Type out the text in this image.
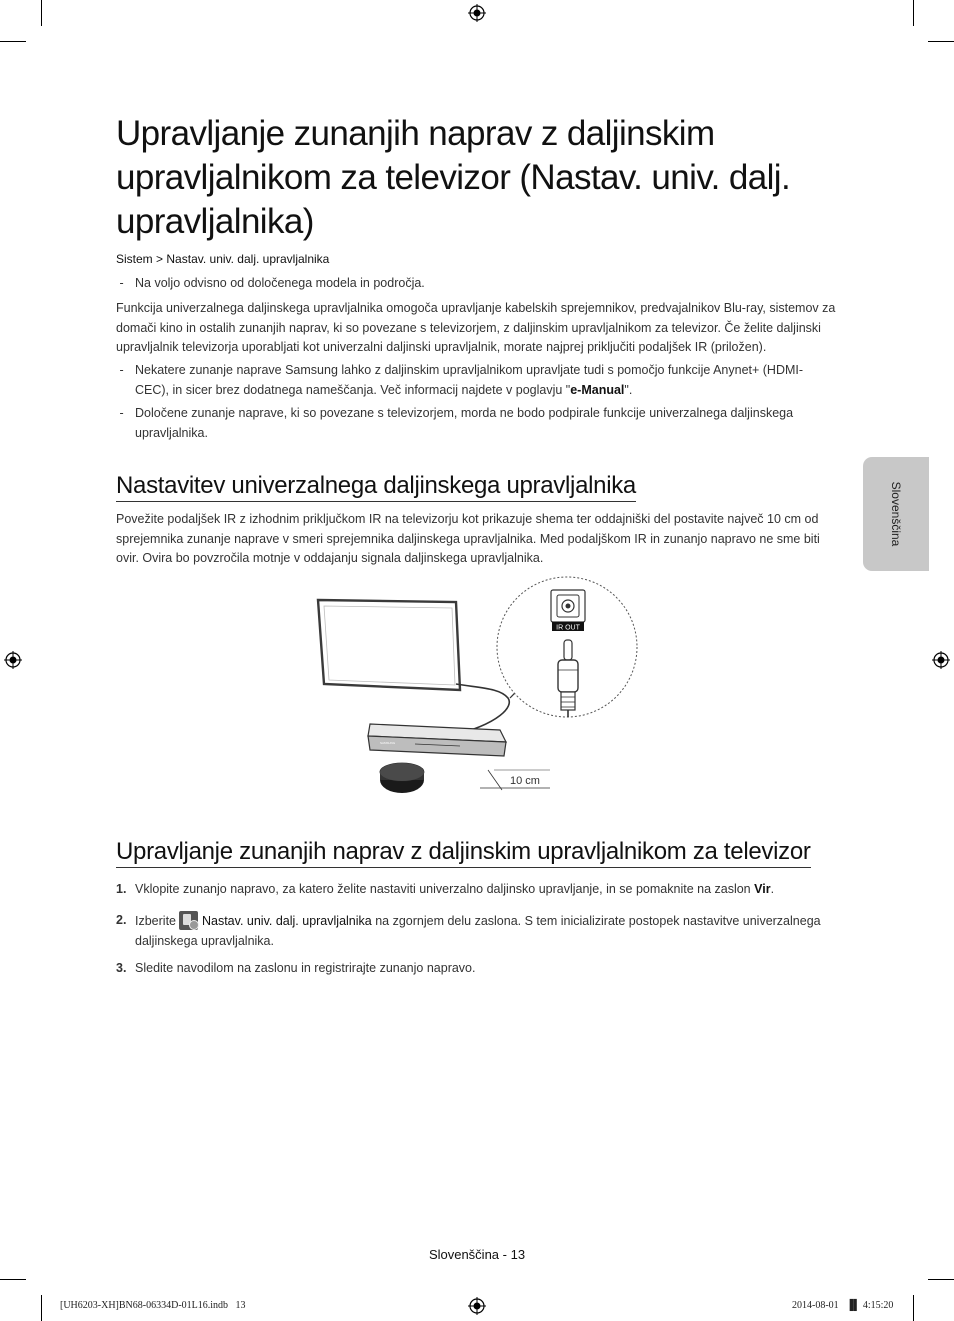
Upravljanje zunanjih naprav z daljinskim upravljalnikom za televizor (Nastav. univ. dalj. upravljalnika)
Sistem > Nastav. univ. dalj. upravljalnika
- Na voljo odvisno od določenega modela in področja.
Funkcija univerzalnega daljinskega upravljalnika omogoča upravljanje kabelskih sprejemnikov, predvajalnikov Blu-ray, sistemov za domači kino in ostalih zunanjih naprav, ki so povezane s televizorjem, z daljinskim upravljalnikom za televizor. Če želite daljinski upravljalnik televizorja uporabljati kot univerzalni daljinski upravljalnik, morate najprej priključiti podaljšek IR (priložen).
- Nekatere zunanje naprave Samsung lahko z daljinskim upravljalnikom upravljate tudi s pomočjo funkcije Anynet+ (HDMI-CEC), in sicer brez dodatnega nameščanja. Več informacij najdete v poglavju "e-Manual".
- Določene zunanje naprave, ki so povezane s televizorjem, morda ne bodo podpirale funkcije univerzalnega daljinskega upravljalnika.
Nastavitev univerzalnega daljinskega upravljalnika
Povežite podaljšek IR z izhodnim priključkom IR na televizorju kot prikazuje shema ter oddajniški del postavite največ 10 cm od sprejemnika zunanje naprave v smeri sprejemnika daljinskega upravljalnika. Med podaljškom IR in zunanjo napravo ne sme biti ovir. Ovira bo povzročila motnje v oddajanju signala daljinskega upravljalnika.
IR OUT
SAMSUNG
10 cm
Upravljanje zunanjih naprav z daljinskim upravljalnikom za televizor
1. Vklopite zunanjo napravo, za katero želite nastaviti univerzalno daljinsko upravljanje, in se pomaknite na zaslon Vir.
2. Izberite Nastav. univ. dalj. upravljalnika na zgornjem delu zaslona. S tem inicializirate postopek nastavitve univerzalnega daljinskega upravljalnika.
3. Sledite navodilom na zaslonu in registrirajte zunanjo napravo.
Slovenščina
Slovenščina - 13
[UH6203-XH]BN68-06334D-01L16.indb   13	2014-08-01   ▐▌ 4:15:20
